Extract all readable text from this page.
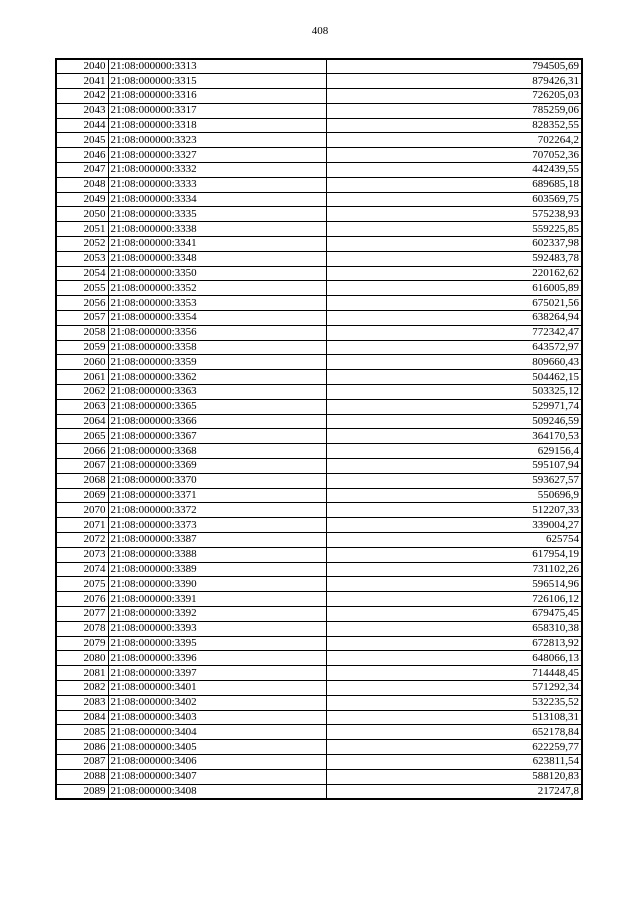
408
2040	21:08:000000:3313	794505,69
2041	21:08:000000:3315	879426,31
2042	21:08:000000:3316	726205,03
2043	21:08:000000:3317	785259,06
2044	21:08:000000:3318	828352,55
2045	21:08:000000:3323	702264,2
2046	21:08:000000:3327	707052,36
2047	21:08:000000:3332	442439,55
2048	21:08:000000:3333	689685,18
2049	21:08:000000:3334	603569,75
2050	21:08:000000:3335	575238,93
2051	21:08:000000:3338	559225,85
2052	21:08:000000:3341	602337,98
2053	21:08:000000:3348	592483,78
2054	21:08:000000:3350	220162,62
2055	21:08:000000:3352	616005,89
2056	21:08:000000:3353	675021,56
2057	21:08:000000:3354	638264,94
2058	21:08:000000:3356	772342,47
2059	21:08:000000:3358	643572,97
2060	21:08:000000:3359	809660,43
2061	21:08:000000:3362	504462,15
2062	21:08:000000:3363	503325,12
2063	21:08:000000:3365	529971,74
2064	21:08:000000:3366	509246,59
2065	21:08:000000:3367	364170,53
2066	21:08:000000:3368	629156,4
2067	21:08:000000:3369	595107,94
2068	21:08:000000:3370	593627,57
2069	21:08:000000:3371	550696,9
2070	21:08:000000:3372	512207,33
2071	21:08:000000:3373	339004,27
2072	21:08:000000:3387	625754
2073	21:08:000000:3388	617954,19
2074	21:08:000000:3389	731102,26
2075	21:08:000000:3390	596514,96
2076	21:08:000000:3391	726106,12
2077	21:08:000000:3392	679475,45
2078	21:08:000000:3393	658310,38
2079	21:08:000000:3395	672813,92
2080	21:08:000000:3396	648066,13
2081	21:08:000000:3397	714448,45
2082	21:08:000000:3401	571292,34
2083	21:08:000000:3402	532235,52
2084	21:08:000000:3403	513108,31
2085	21:08:000000:3404	652178,84
2086	21:08:000000:3405	622259,77
2087	21:08:000000:3406	623811,54
2088	21:08:000000:3407	588120,83
2089	21:08:000000:3408	217247,8
